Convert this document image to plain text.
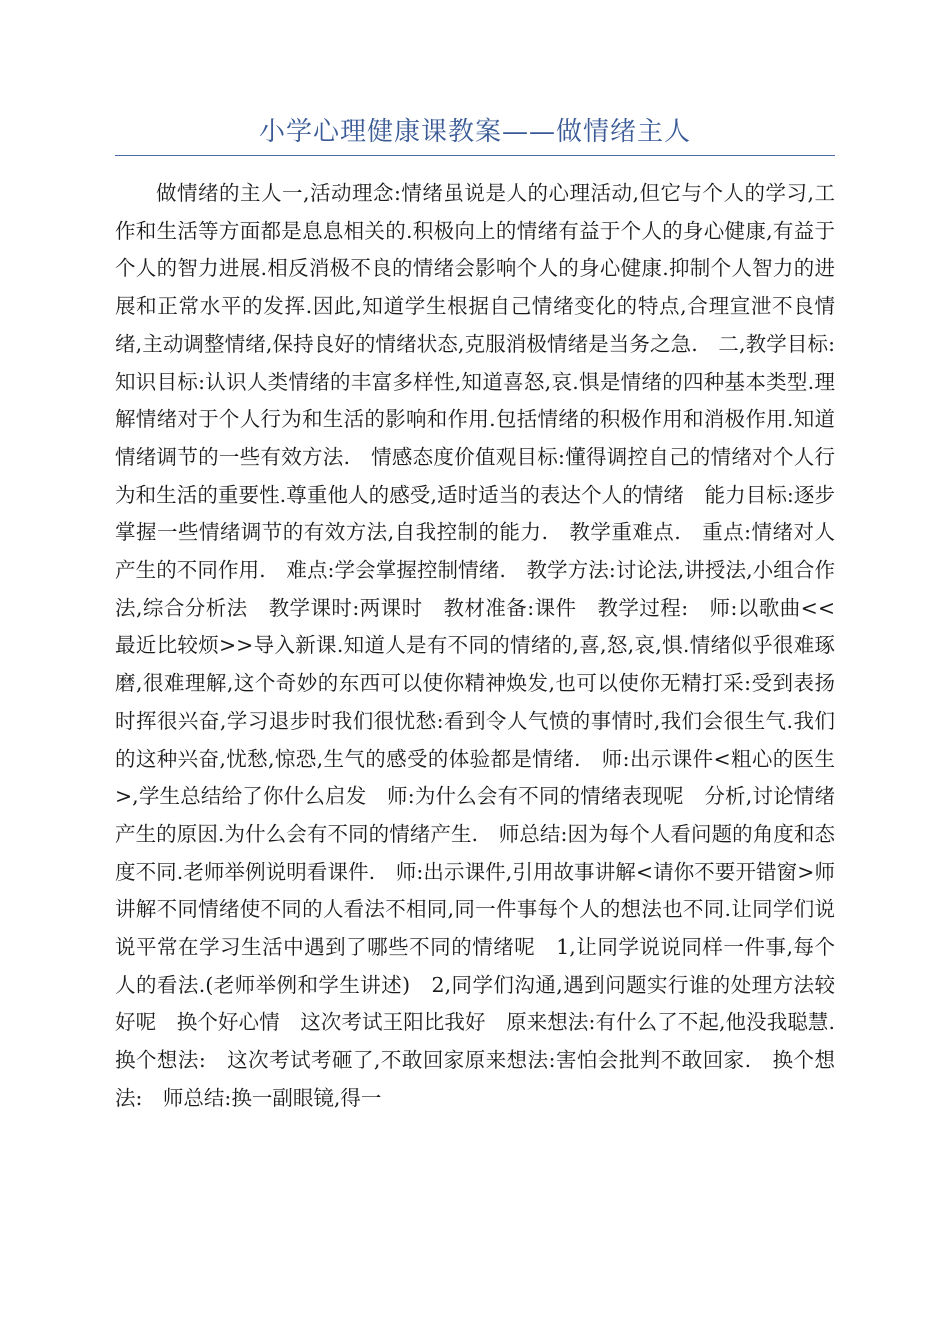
小学心理健康课教案——做情绪主人

做情绪的主人一,活动理念:情绪虽说是人的心理活动,但它与个人的学习,工作和生活等方面都是息息相关的.积极向上的情绪有益于个人的身心健康,有益于个人的智力进展.相反消极不良的情绪会影响个人的身心健康.抑制个人智力的进展和正常水平的发挥.因此,知道学生根据自己情绪变化的特点,合理宣泄不良情绪,主动调整情绪,保持良好的情绪状态,克服消极情绪是当务之急.　二,教学目标:　知识目标:认识人类情绪的丰富多样性,知道喜怒,哀.惧是情绪的四种基本类型.理解情绪对于个人行为和生活的影响和作用.包括情绪的积极作用和消极作用.知道情绪调节的一些有效方法.　情感态度价值观目标:懂得调控自己的情绪对个人行为和生活的重要性.尊重他人的感受,适时适当的表达个人的情绪　能力目标:逐步掌握一些情绪调节的有效方法,自我控制的能力.　教学重难点.　重点:情绪对人产生的不同作用.　难点:学会掌握控制情绪.　教学方法:讨论法,讲授法,小组合作法,综合分析法　教学课时:两课时　教材准备:课件　教学过程:　师:以歌曲<<最近比较烦>>导入新课.知道人是有不同的情绪的,喜,怒,哀,惧.情绪似乎很难琢磨,很难理解,这个奇妙的东西可以使你精神焕发,也可以使你无精打采:受到表扬时挥很兴奋,学习退步时我们很忧愁:看到令人气愤的事情时,我们会很生气.我们的这种兴奋,忧愁,惊恐,生气的感受的体验都是情绪.　师:出示课件<粗心的医生>,学生总结给了你什么启发　师:为什么会有不同的情绪表现呢　分析,讨论情绪产生的原因.为什么会有不同的情绪产生.　师总结:因为每个人看问题的角度和态度不同.老师举例说明看课件.　师:出示课件,引用故事讲解<请你不要开错窗>师讲解不同情绪使不同的人看法不相同,同一件事每个人的想法也不同.让同学们说说平常在学习生活中遇到了哪些不同的情绪呢　1,让同学说说同样一件事,每个人的看法.(老师举例和学生讲述)　2,同学们沟通,遇到问题实行谁的处理方法较好呢　换个好心情　这次考试王阳比我好　原来想法:有什么了不起,他没我聪慧.　换个想法:　这次考试考砸了,不敢回家原来想法:害怕会批判不敢回家.　换个想法:　师总结:换一副眼镜,得一
